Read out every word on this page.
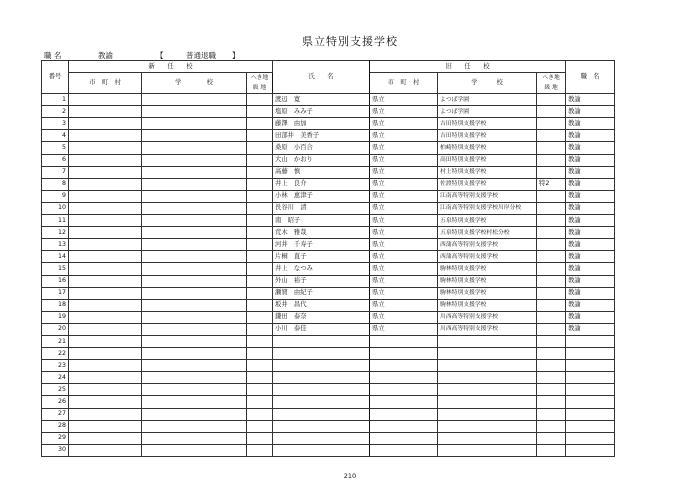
県立特別支援学校
職 名	教諭	【	普通退職 】
番号	新　　任　　校			氏　　名	旧　　任　　校			職　名
	市　町　村	学　　　　校	へき地
級 地		市　町　村	学　　　校	へき地
級 地	
1				渡辺　寛	県立	よつば学園		教諭
2				塩原　みみ子	県立	よつば学園		教諭
3				藤澤　由加	県立	吉田特別支援学校		教諭
4				田部井　美香子	県立	吉田特別支援学校		教諭
5				桑原　小百合	県立	柏崎特別支援学校		教諭
6				大山　かおり	県立	高田特別支援学校		教諭
7				高藤　慎	県立	村上特別支援学校		教諭
8				井上　良介	県立	佐渡特別支援学校	特2	教諭
9				小林　恵津子	県立	江南高等特別支援学校		教諭
10				長谷川　清	県立	江南高等特別支援学校川岸分校		教諭
11				南　昭子	県立	五泉特別支援学校		教諭
12				荒木　雅哉	県立	五泉特別支援学校村松分校		教諭
13				河井　千寿子	県立	西蒲高等特別支援学校		教諭
14				片桐　直子	県立	西蒲高等特別支援学校		教諭
15				井上　なつみ	県立	駒林特別支援学校		教諭
16				外山　裕子	県立	駒林特別支援学校		教諭
17				瀬賀　由紀子	県立	駒林特別支援学校		教諭
18				坂井　昌代	県立	駒林特別支援学校		教諭
19				鎌田　泰奈	県立	川西高等特別支援学校		教諭
20				小川　泰佳	県立	川西高等特別支援学校		教諭
21								
22								
23								
24								
25								
26								
27								
28								
29								
30								
210
